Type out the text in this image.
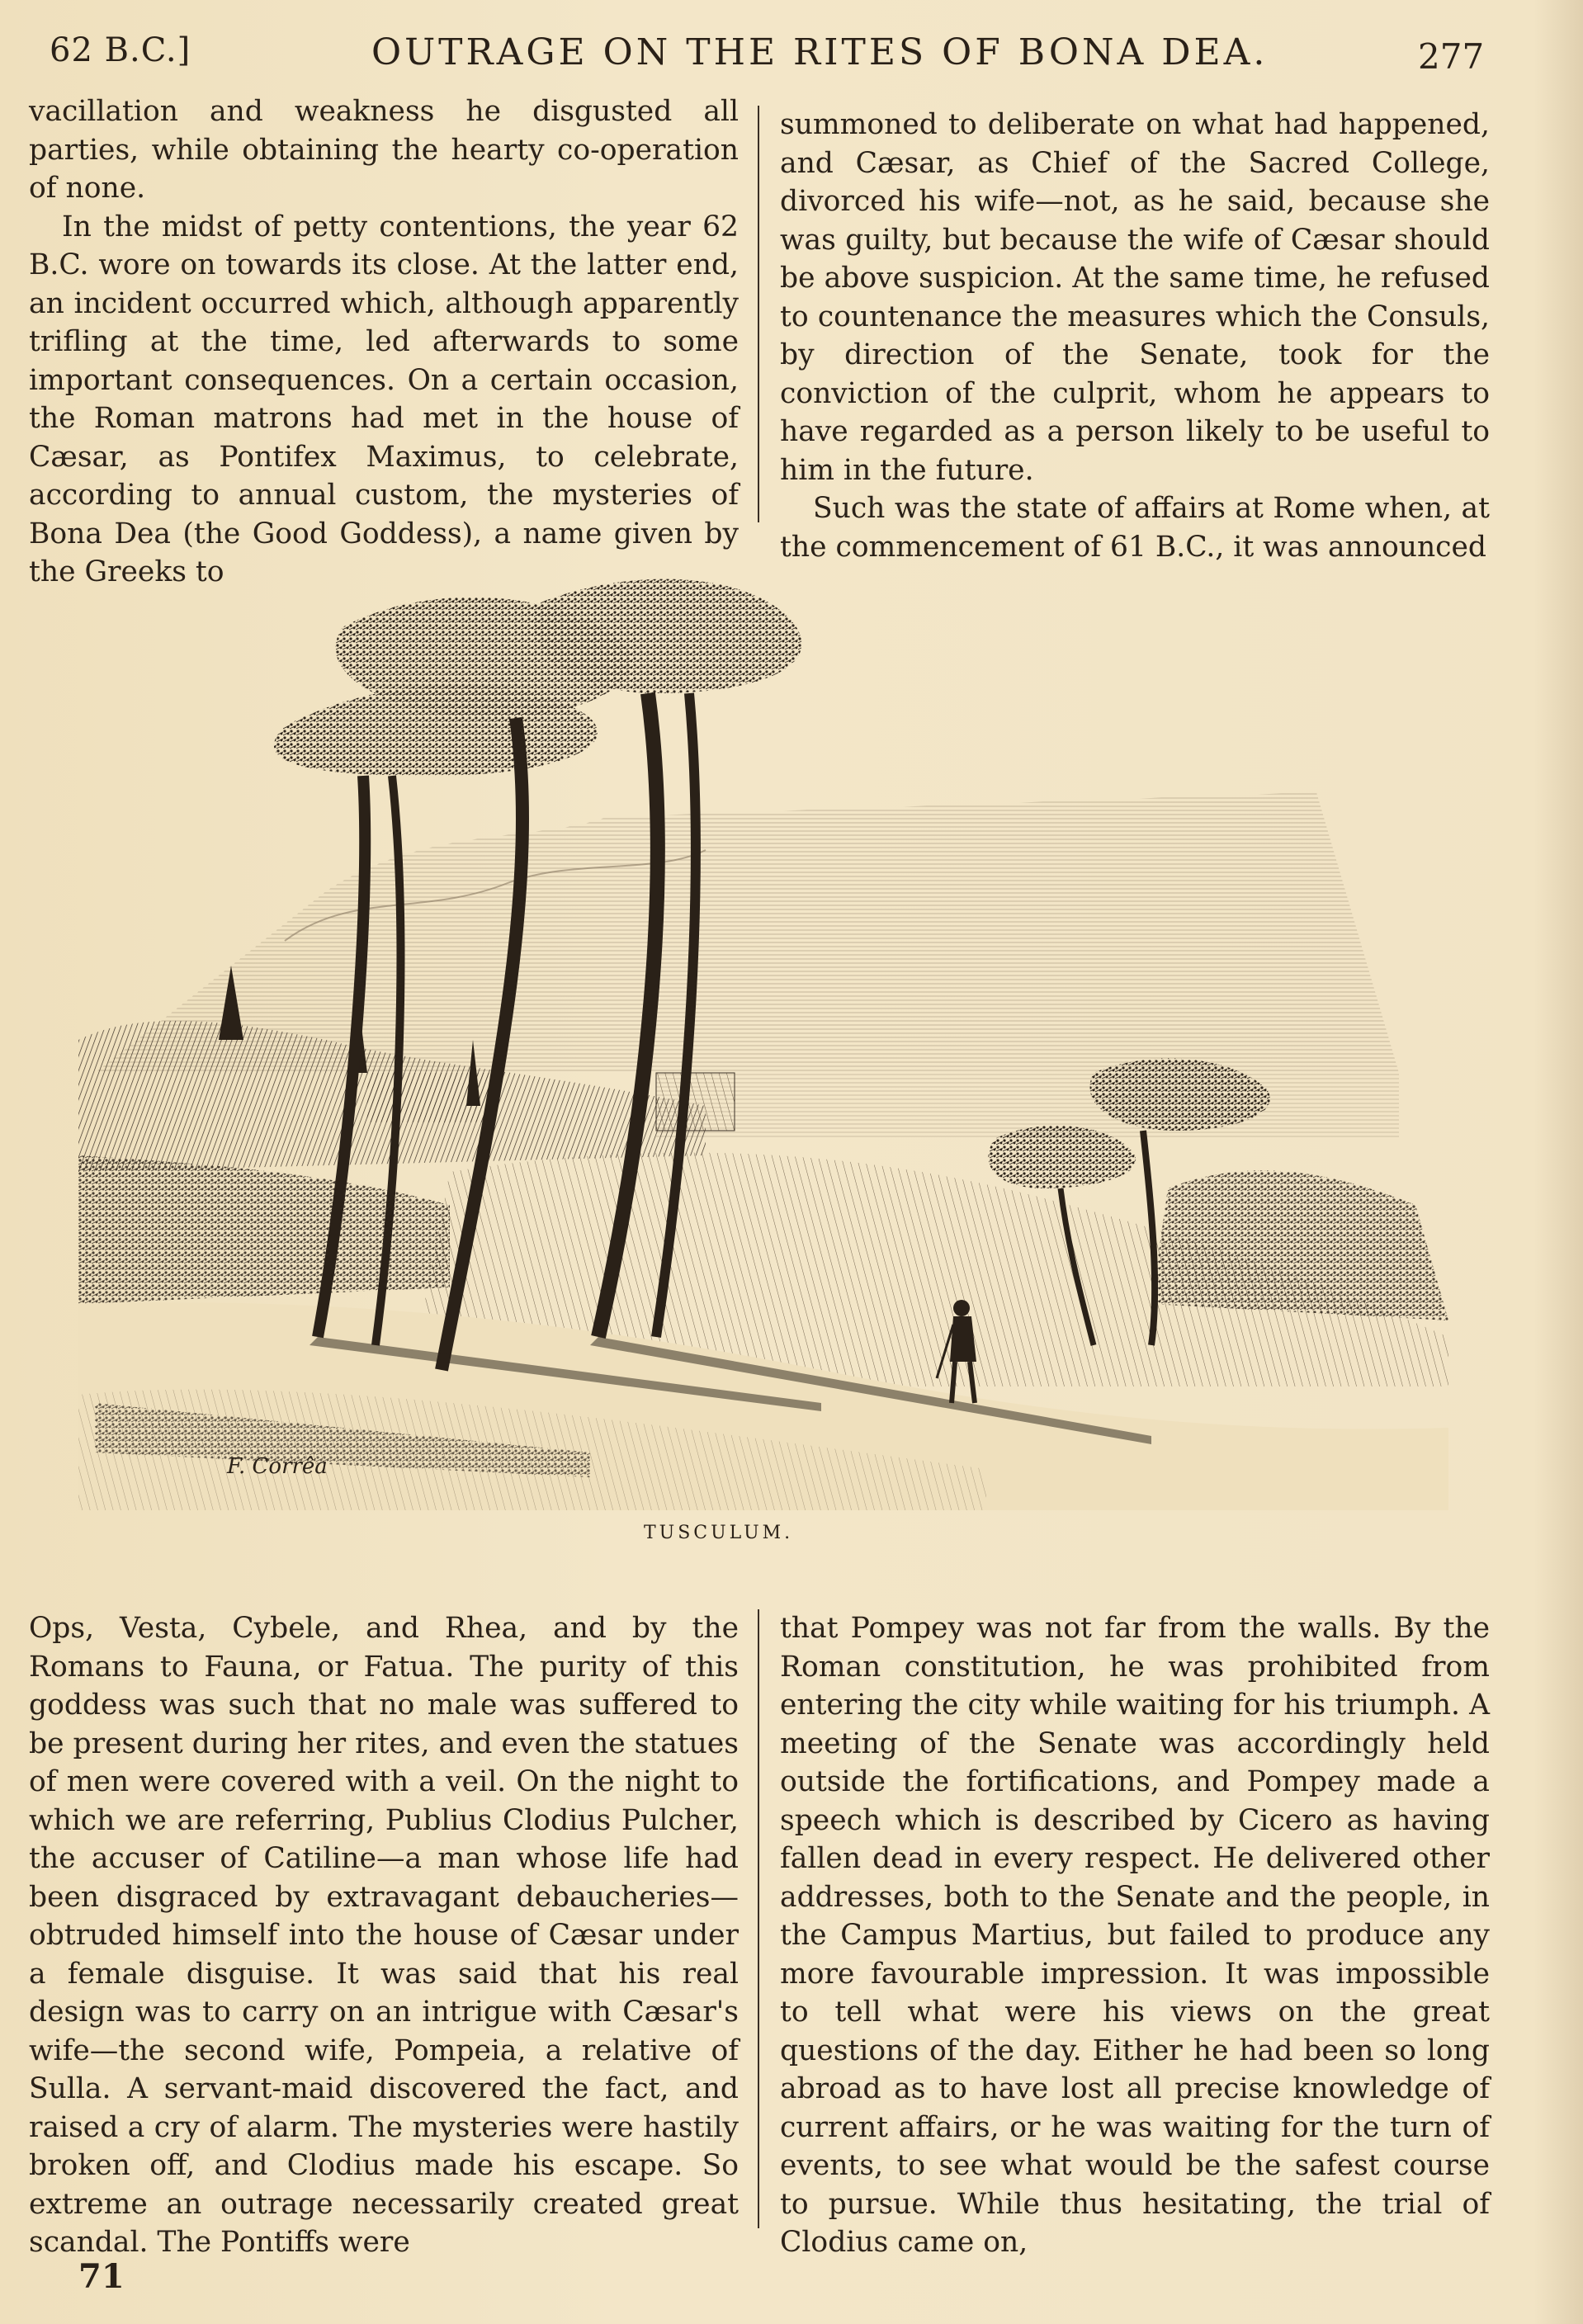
62 B.C.]	OUTRAGE ON THE RITES OF BONA DEA.	277

vacillation and weakness he disgusted all parties, while obtaining the hearty co-operation of none.

In the midst of petty contentions, the year 62 B.C. wore on towards its close. At the latter end, an incident occurred which, although apparently trifling at the time, led afterwards to some important consequences. On a certain occasion, the Roman matrons had met in the house of Cæsar, as Pontifex Maximus, to celebrate, according to annual custom, the mysteries of Bona Dea (the Good Goddess), a name given by the Greeks to

summoned to deliberate on what had happened, and Cæsar, as Chief of the Sacred College, divorced his wife—not, as he said, because she was guilty, but because the wife of Cæsar should be above suspicion. At the same time, he refused to countenance the measures which the Consuls, by direction of the Senate, took for the conviction of the culprit, whom he appears to have regarded as a person likely to be useful to him in the future.

Such was the state of affairs at Rome when, at the commencement of 61 B.C., it was announced

F. Corrêa
TUSCULUM.

Ops, Vesta, Cybele, and Rhea, and by the Romans to Fauna, or Fatua. The purity of this goddess was such that no male was suffered to be present during her rites, and even the statues of men were covered with a veil. On the night to which we are referring, Publius Clodius Pulcher, the accuser of Catiline—a man whose life had been disgraced by extravagant debaucheries—obtruded himself into the house of Cæsar under a female disguise. It was said that his real design was to carry on an intrigue with Cæsar's wife—the second wife, Pompeia, a relative of Sulla. A servant-maid discovered the fact, and raised a cry of alarm. The mysteries were hastily broken off, and Clodius made his escape. So extreme an outrage necessarily created great scandal. The Pontiffs were

that Pompey was not far from the walls. By the Roman constitution, he was prohibited from entering the city while waiting for his triumph. A meeting of the Senate was accordingly held outside the fortifications, and Pompey made a speech which is described by Cicero as having fallen dead in every respect. He delivered other addresses, both to the Senate and the people, in the Campus Martius, but failed to produce any more favourable impression. It was impossible to tell what were his views on the great questions of the day. Either he had been so long abroad as to have lost all precise knowledge of current affairs, or he was waiting for the turn of events, to see what would be the safest course to pursue. While thus hesitating, the trial of Clodius came on,

71
